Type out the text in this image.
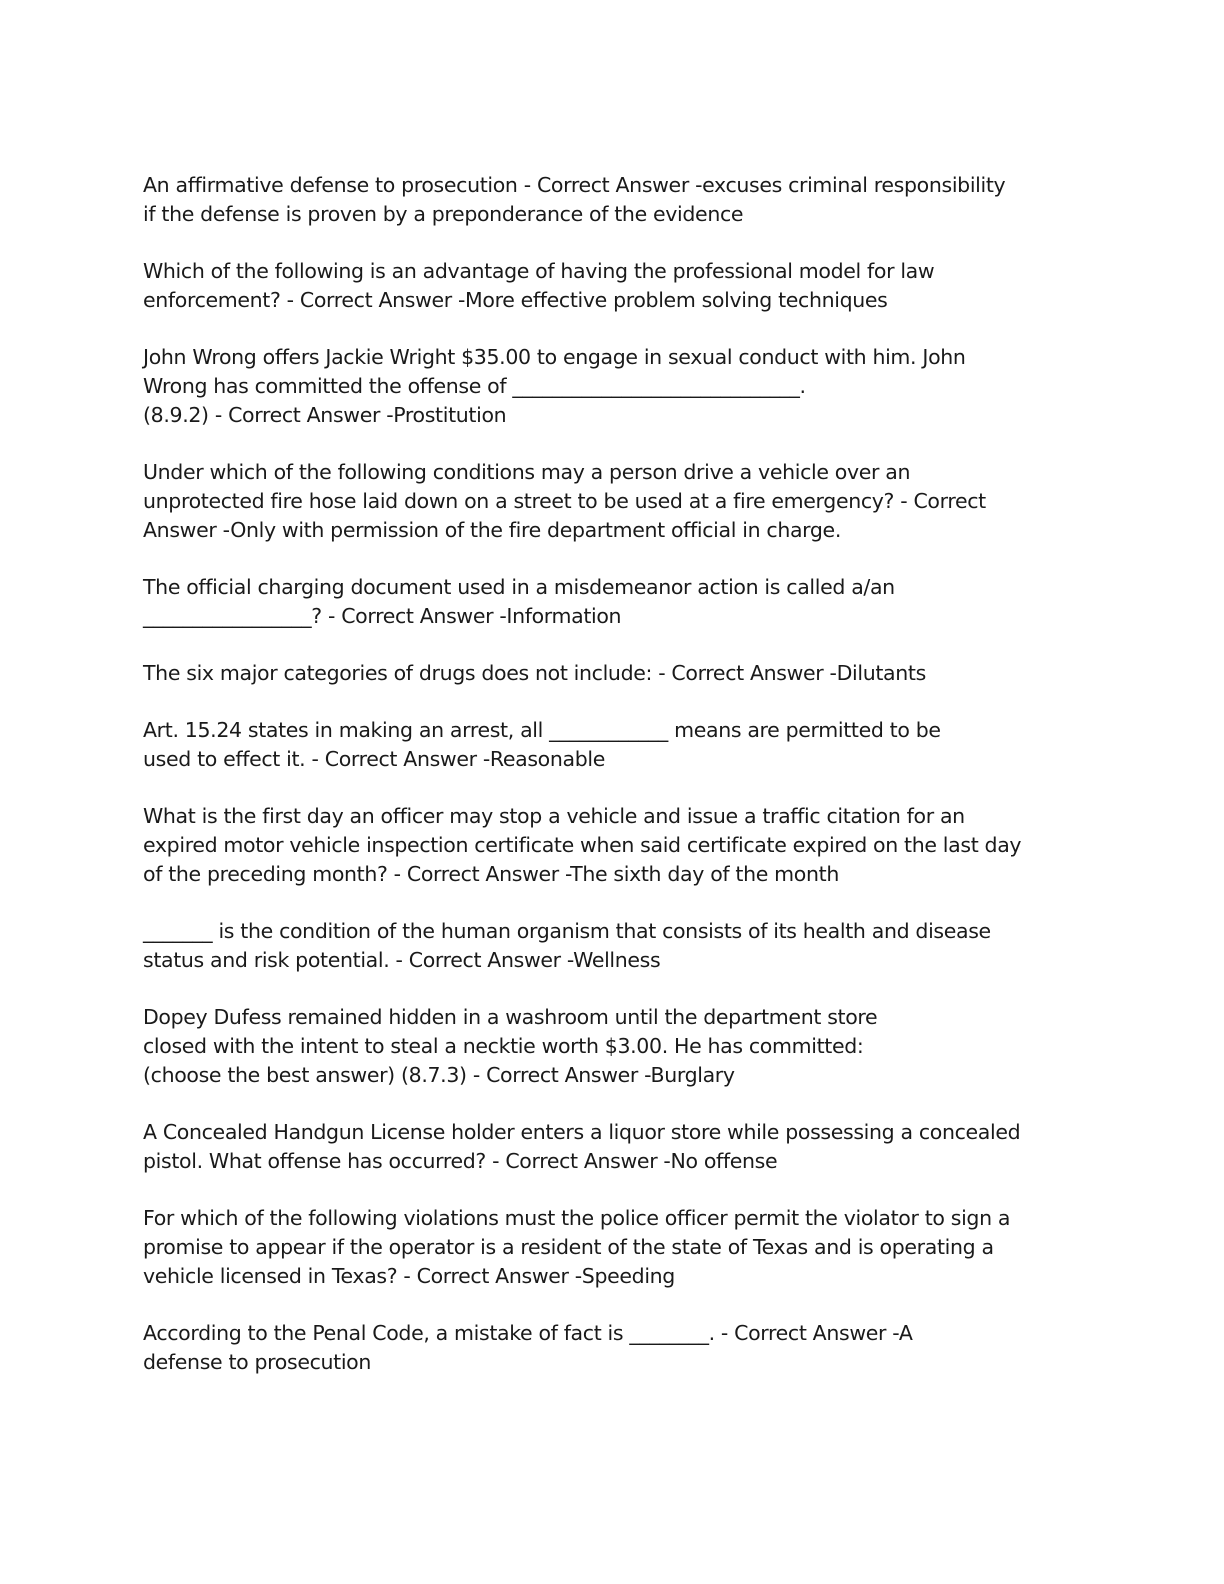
An affirmative defense to prosecution - Correct Answer -excuses criminal responsibility
if the defense is proven by a preponderance of the evidence
Which of the following is an advantage of having the professional model for law
enforcement? - Correct Answer -More effective problem solving techniques
John Wrong offers Jackie Wright $35.00 to engage in sexual conduct with him. John
Wrong has committed the offense of _____________________________.
(8.9.2) - Correct Answer -Prostitution
Under which of the following conditions may a person drive a vehicle over an
unprotected fire hose laid down on a street to be used at a fire emergency? - Correct
Answer -Only with permission of the fire department official in charge.
The official charging document used in a misdemeanor action is called a/an
_________________? - Correct Answer -Information
The six major categories of drugs does not include: - Correct Answer -Dilutants
Art. 15.24 states in making an arrest, all ____________ means are permitted to be
used to effect it. - Correct Answer -Reasonable
What is the first day an officer may stop a vehicle and issue a traffic citation for an
expired motor vehicle inspection certificate when said certificate expired on the last day
of the preceding month? - Correct Answer -The sixth day of the month
_______ is the condition of the human organism that consists of its health and disease
status and risk potential. - Correct Answer -Wellness
Dopey Dufess remained hidden in a washroom until the department store
closed with the intent to steal a necktie worth $3.00. He has committed:
(choose the best answer) (8.7.3) - Correct Answer -Burglary
A Concealed Handgun License holder enters a liquor store while possessing a concealed
pistol. What offense has occurred? - Correct Answer -No offense
For which of the following violations must the police officer permit the violator to sign a
promise to appear if the operator is a resident of the state of Texas and is operating a
vehicle licensed in Texas? - Correct Answer -Speeding
According to the Penal Code, a mistake of fact is ________. - Correct Answer -A
defense to prosecution
